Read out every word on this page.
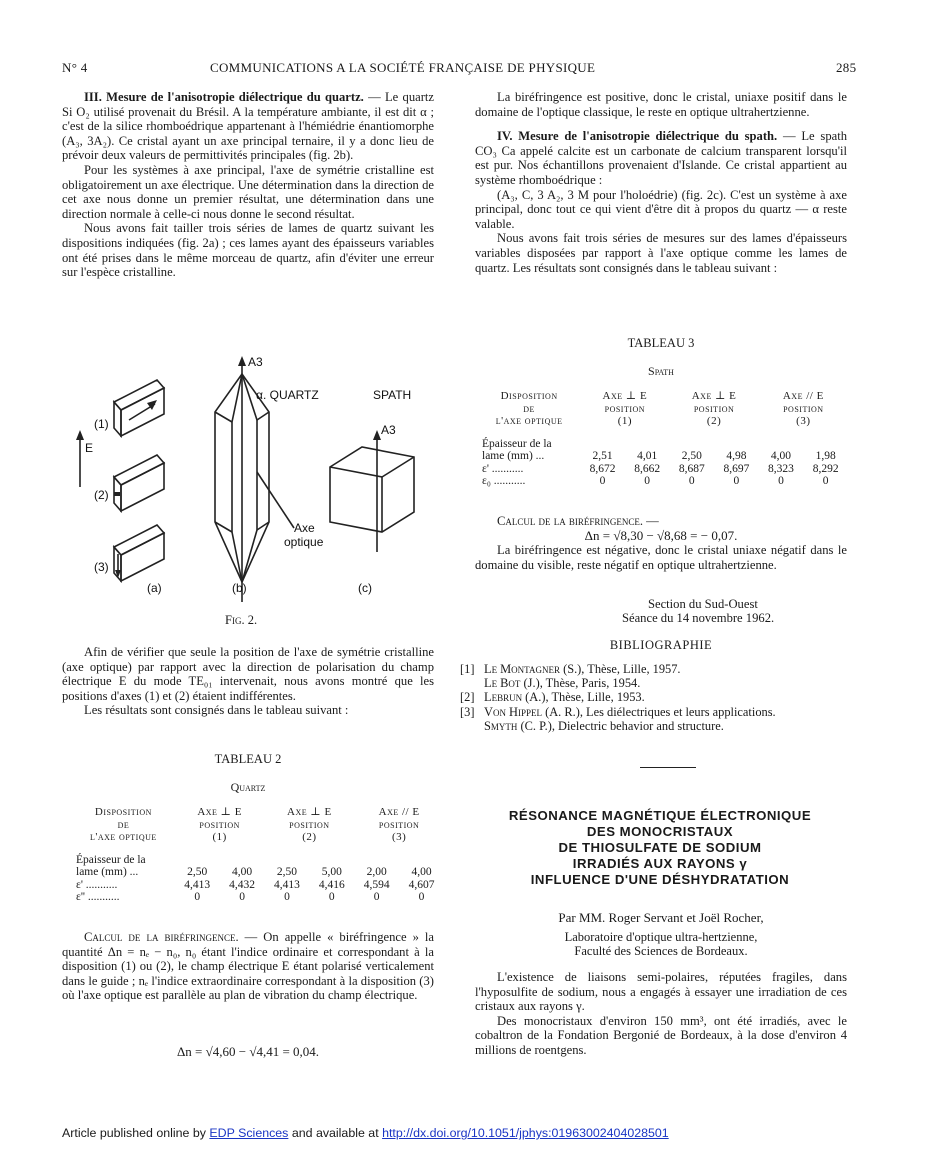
N° 4	COMMUNICATIONS A LA SOCIÉTÉ FRANÇAISE DE PHYSIQUE	285

III. Mesure de l'anisotropie diélectrique du quartz. — Le quartz Si O₂ utilisé provenait du Brésil. A la température ambiante, il est dit α ; c'est de la silice rhomboédrique appartenant à l'hémiédrie énantiomorphe (A₃, 3A₂). Ce cristal ayant un axe principal ternaire, il y a donc lieu de prévoir deux valeurs de permittivités principales (fig. 2b).

Pour les systèmes à axe principal, l'axe de symétrie cristalline est obligatoirement un axe électrique. Une détermination dans la direction de cet axe nous donne un premier résultat, une détermination dans une direction normale à celle-ci nous donne le second résultat.

Nous avons fait tailler trois séries de lames de quartz suivant les dispositions indiquées (fig. 2a) ; ces lames ayant des épaisseurs variables ont été prises dans le même morceau de quartz, afin d'éviter une erreur sur l'espèce cristalline.

A3
α. QUARTZ	SPATH
A3
E
(1)
(2)
(3)
Axe
optique
(a)	(b)	(c)
Fig. 2.

Afin de vérifier que seule la position de l'axe de symétrie cristalline (axe optique) par rapport avec la direction de polarisation du champ électrique E du mode TE₀₁ intervenait, nous avons montré que les positions d'axes (1) et (2) étaient indifférentes.

Les résultats sont consignés dans le tableau suivant :

TABLEAU 2
Quartz
Disposition	Axe ⊥ E		Axe ⊥ E		Axe // E	
de	position		position		position	
l'axe optique	(1)		(2)		(3)	

Épaisseur de la						
lame (mm) ...	2,50	4,00	2,50	5,00	2,00	4,00
ε' ...........	4,413	4,432	4,413	4,416	4,594	4,607
ε'' ...........	0	0	0	0	0	0

Calcul de la biréfringence. — On appelle « biréfringence » la quantité Δn = nₑ − n₀, n₀ étant l'indice ordinaire et correspondant à la disposition (1) ou (2), le champ électrique E étant polarisé verticalement dans le guide ; nₑ l'indice extraordinaire correspondant à la disposition (3) où l'axe optique est parallèle au plan de vibration du champ électrique.

Δn = √4,60 − √4,41 = 0,04.

La biréfringence est positive, donc le cristal, uniaxe positif dans le domaine de l'optique classique, le reste en optique ultrahertzienne.

IV. Mesure de l'anisotropie diélectrique du spath. — Le spath CO₃ Ca appelé calcite est un carbonate de calcium transparent lorsqu'il est pur. Nos échantillons provenaient d'Islande. Ce cristal appartient au système rhomboédrique :

(A₃, C, 3 A₂, 3 M pour l'holoédrie) (fig. 2c). C'est un système à axe principal, donc tout ce qui vient d'être dit à propos du quartz — α reste valable.

Nous avons fait trois séries de mesures sur des lames d'épaisseurs variables disposées par rapport à l'axe optique comme les lames de quartz. Les résultats sont consignés dans le tableau suivant :

TABLEAU 3
Spath
Disposition	Axe ⊥ E		Axe ⊥ E		Axe // E	
de	position		position		position	
l'axe optique	(1)		(2)		(3)	

Épaisseur de la						
lame (mm) ...	2,51	4,01	2,50	4,98	4,00	1,98
ε' ...........	8,672	8,662	8,687	8,697	8,323	8,292
ε₀ ...........	0	0	0	0	0	0

Calcul de la biréfringence. —

Δn = √8,30 − √8,68 = − 0,07.

La biréfringence est négative, donc le cristal uniaxe négatif dans le domaine du visible, reste négatif en optique ultrahertzienne.

Section du Sud-Ouest
Séance du 14 novembre 1962.
BIBLIOGRAPHIE
[1] Le Montagner (S.), Thèse, Lille, 1957.
Le Bot (J.), Thèse, Paris, 1954.
[2] Lebrun (A.), Thèse, Lille, 1953.
[3] Von Hippel (A. R.), Les diélectriques et leurs applications.
Smyth (C. P.), Dielectric behavior and structure.
RÉSONANCE MAGNÉTIQUE ÉLECTRONIQUE
DES MONOCRISTAUX
DE THIOSULFATE DE SODIUM
IRRADIÉS AUX RAYONS γ
INFLUENCE D'UNE DÉSHYDRATATION
Par MM. Roger Servant et Joël Rocher,
Laboratoire d'optique ultra-hertzienne,
Faculté des Sciences de Bordeaux.

L'existence de liaisons semi-polaires, réputées fragiles, dans l'hyposulfite de sodium, nous a engagés à essayer une irradiation de ces cristaux aux rayons γ.

Des monocristaux d'environ 150 mm³, ont été irradiés, avec le cobaltron de la Fondation Bergonié de Bordeaux, à la dose d'environ 4 millions de roentgens.

Article published online by EDP Sciences and available at http://dx.doi.org/10.1051/jphys:01963002404028501
